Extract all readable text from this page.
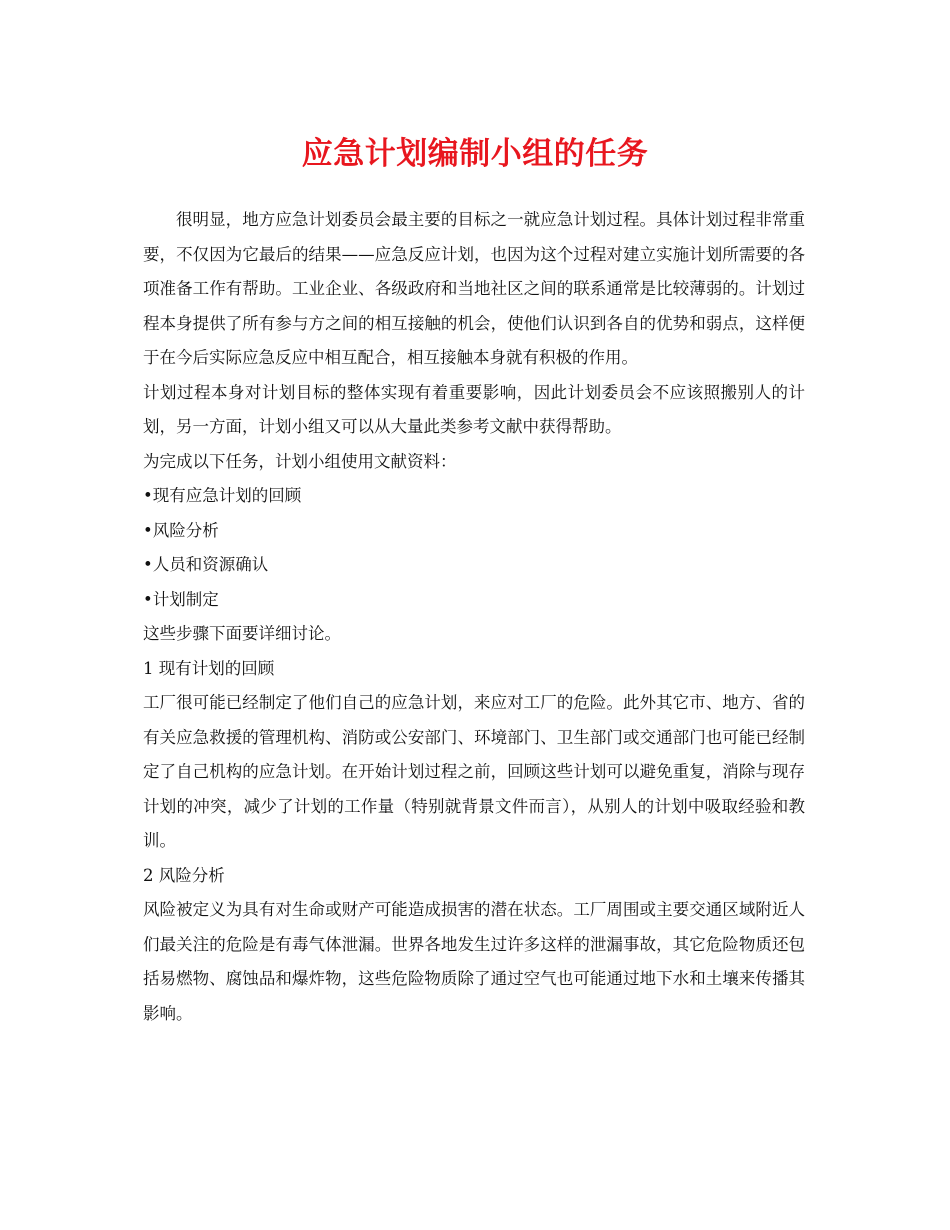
应急计划编制小组的任务

很明显，地方应急计划委员会最主要的目标之一就应急计划过程。具体计划过程非常重要，不仅因为它最后的结果——应急反应计划，也因为这个过程对建立实施计划所需要的各项准备工作有帮助。工业企业、各级政府和当地社区之间的联系通常是比较薄弱的。计划过程本身提供了所有参与方之间的相互接触的机会，使他们认识到各自的优势和弱点，这样便于在今后实际应急反应中相互配合，相互接触本身就有积极的作用。

计划过程本身对计划目标的整体实现有着重要影响，因此计划委员会不应该照搬别人的计划，另一方面，计划小组又可以从大量此类参考文献中获得帮助。

为完成以下任务，计划小组使用文献资料：

•现有应急计划的回顾

•风险分析

•人员和资源确认

•计划制定

这些步骤下面要详细讨论。

1 现有计划的回顾

工厂很可能已经制定了他们自己的应急计划，来应对工厂的危险。此外其它市、地方、省的有关应急救援的管理机构、消防或公安部门、环境部门、卫生部门或交通部门也可能已经制定了自己机构的应急计划。在开始计划过程之前，回顾这些计划可以避免重复，消除与现存计划的冲突，减少了计划的工作量（特别就背景文件而言），从别人的计划中吸取经验和教训。

2 风险分析

风险被定义为具有对生命或财产可能造成损害的潜在状态。工厂周围或主要交通区域附近人们最关注的危险是有毒气体泄漏。世界各地发生过许多这样的泄漏事故，其它危险物质还包括易燃物、腐蚀品和爆炸物，这些危险物质除了通过空气也可能通过地下水和土壤来传播其影响。
